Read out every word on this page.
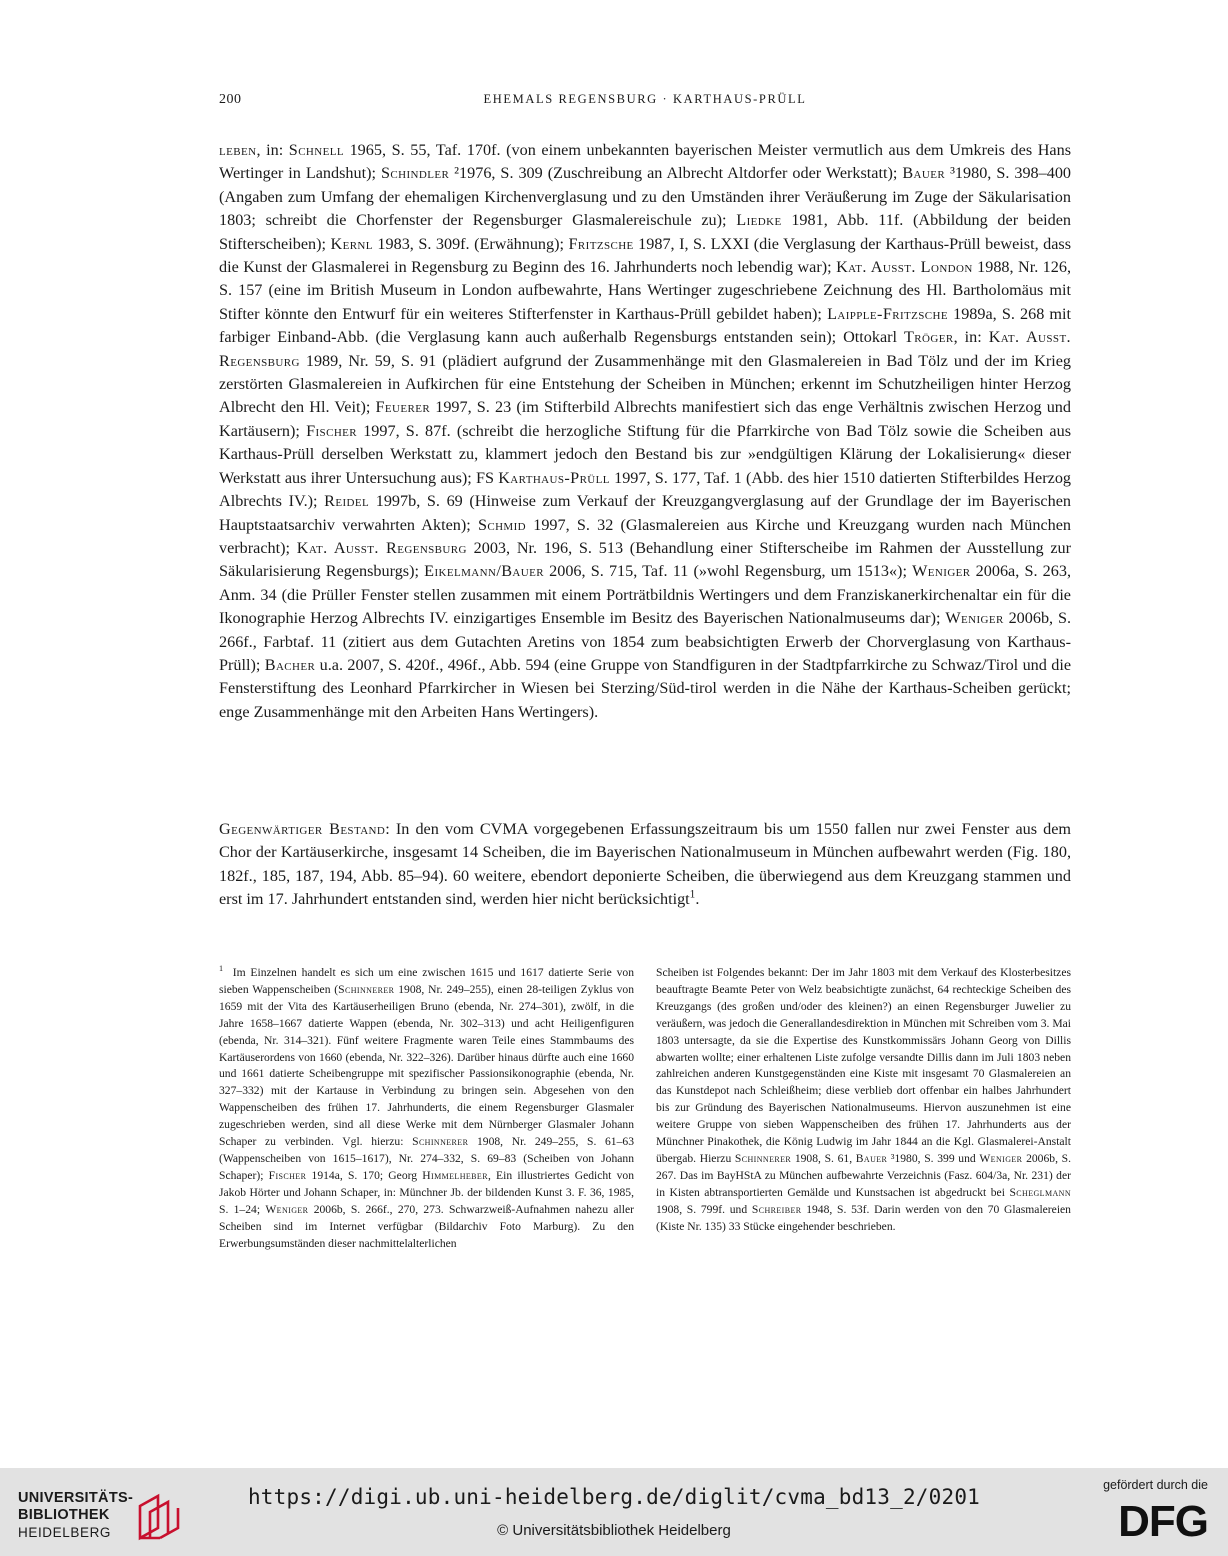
200	EHEMALS REGENSBURG · KARTHAUS-PRÜLL

leben, in: Schnell 1965, S. 55, Taf. 170f. (von einem unbekannten bayerischen Meister vermutlich aus dem Umkreis des Hans Wertinger in Landshut); Schindler ²1976, S. 309 (Zuschreibung an Albrecht Altdorfer oder Werkstatt); Bauer ³1980, S. 398–400 (Angaben zum Umfang der ehemaligen Kirchenverglasung und zu den Umständen ihrer Veräußerung im Zuge der Säkularisation 1803; schreibt die Chorfenster der Regensburger Glasmalereischule zu); Liedke 1981, Abb. 11f. (Abbildung der beiden Stifterscheiben); Kernl 1983, S. 309f. (Erwähnung); Fritzsche 1987, I, S. LXXI (die Verglasung der Karthaus-Prüll beweist, dass die Kunst der Glasmalerei in Regensburg zu Beginn des 16. Jahrhunderts noch lebendig war); Kat. Ausst. London 1988, Nr. 126, S. 157 (eine im British Museum in London aufbewahrte, Hans Wertinger zugeschriebene Zeichnung des Hl. Bartholomäus mit Stifter könnte den Entwurf für ein weiteres Stifterfenster in Karthaus-Prüll gebildet haben); Laipple-Fritzsche 1989a, S. 268 mit farbiger Einband-Abb. (die Verglasung kann auch außerhalb Regensburgs entstanden sein); Ottokarl Tröger, in: Kat. Ausst. Regensburg 1989, Nr. 59, S. 91 (plädiert aufgrund der Zusammenhänge mit den Glasmalereien in Bad Tölz und der im Krieg zerstörten Glasmalereien in Aufkirchen für eine Entstehung der Scheiben in München; erkennt im Schutzheiligen hinter Herzog Albrecht den Hl. Veit); Feuerer 1997, S. 23 (im Stifterbild Albrechts manifestiert sich das enge Verhältnis zwischen Herzog und Kartäusern); Fischer 1997, S. 87f. (schreibt die herzogliche Stiftung für die Pfarrkirche von Bad Tölz sowie die Scheiben aus Karthaus-Prüll derselben Werkstatt zu, klammert jedoch den Bestand bis zur »endgültigen Klärung der Lokalisierung« dieser Werkstatt aus ihrer Untersuchung aus); FS Karthaus-Prüll 1997, S. 177, Taf. 1 (Abb. des hier 1510 datierten Stifterbildes Herzog Albrechts IV.); Reidel 1997b, S. 69 (Hinweise zum Verkauf der Kreuzgangverglasung auf der Grundlage der im Bayerischen Hauptstaatsarchiv verwahrten Akten); Schmid 1997, S. 32 (Glasmalereien aus Kirche und Kreuzgang wurden nach München verbracht); Kat. Ausst. Regensburg 2003, Nr. 196, S. 513 (Behandlung einer Stifterscheibe im Rahmen der Ausstellung zur Säkularisierung Regensburgs); Eikelmann/Bauer 2006, S. 715, Taf. 11 (»wohl Regensburg, um 1513«); Weniger 2006a, S. 263, Anm. 34 (die Prüller Fenster stellen zusammen mit einem Porträtbildnis Wertingers und dem Franziskanerkirchenaltar ein für die Ikonographie Herzog Albrechts IV. einzigartiges Ensemble im Besitz des Bayerischen Nationalmuseums dar); Weniger 2006b, S. 266f., Farbtaf. 11 (zitiert aus dem Gutachten Aretins von 1854 zum beabsichtigten Erwerb der Chorverglasung von Karthaus-Prüll); Bacher u.a. 2007, S. 420f., 496f., Abb. 594 (eine Gruppe von Standfiguren in der Stadtpfarrkirche zu Schwaz/Tirol und die Fensterstiftung des Leonhard Pfarrkircher in Wiesen bei Sterzing/Süd-tirol werden in die Nähe der Karthaus-Scheiben gerückt; enge Zusammenhänge mit den Arbeiten Hans Wertingers).

Gegenwärtiger Bestand: In den vom CVMA vorgegebenen Erfassungszeitraum bis um 1550 fallen nur zwei Fenster aus dem Chor der Kartäuserkirche, insgesamt 14 Scheiben, die im Bayerischen Nationalmuseum in München aufbewahrt werden (Fig. 180, 182f., 185, 187, 194, Abb. 85–94). 60 weitere, ebendort deponierte Scheiben, die überwiegend aus dem Kreuzgang stammen und erst im 17. Jahrhundert entstanden sind, werden hier nicht berücksichtigt$^1$.

$^1$ Im Einzelnen handelt es sich um eine zwischen 1615 und 1617 datierte Serie von sieben Wappenscheiben (Schinnerer 1908, Nr. 249–255), einen 28-teiligen Zyklus von 1659 mit der Vita des Kartäuserheiligen Bruno (ebenda, Nr. 274–301), zwölf, in die Jahre 1658–1667 datierte Wappen (ebenda, Nr. 302–313) und acht Heiligenfiguren (ebenda, Nr. 314–321). Fünf weitere Fragmente waren Teile eines Stammbaums des Kartäuserordens von 1660 (ebenda, Nr. 322–326). Darüber hinaus dürfte auch eine 1660 und 1661 datierte Scheibengruppe mit spezifischer Passionsikonographie (ebenda, Nr. 327–332) mit der Kartause in Verbindung zu bringen sein. Abgesehen von den Wappenscheiben des frühen 17. Jahrhunderts, die einem Regensburger Glasmaler zugeschrieben werden, sind all diese Werke mit dem Nürnberger Glasmaler Johann Schaper zu verbinden. Vgl. hierzu: Schinnerer 1908, Nr. 249–255, S. 61–63 (Wappenscheiben von 1615–1617), Nr. 274–332, S. 69–83 (Scheiben von Johann Schaper); Fischer 1914a, S. 170; Georg Himmelheber, Ein illustriertes Gedicht von Jakob Hörter und Johann Schaper, in: Münchner Jb. der bildenden Kunst 3. F. 36, 1985, S. 1–24; Weniger 2006b, S. 266f., 270, 273. Schwarzweiß-Aufnahmen nahezu aller Scheiben sind im Internet verfügbar (Bildarchiv Foto Marburg). Zu den Erwerbungsumständen dieser nachmittelalterlichen

Scheiben ist Folgendes bekannt: Der im Jahr 1803 mit dem Verkauf des Klosterbesitzes beauftragte Beamte Peter von Welz beabsichtigte zunächst, 64 rechteckige Scheiben des Kreuzgangs (des großen und/oder des kleinen?) an einen Regensburger Juwelier zu veräußern, was jedoch die Generallandesdirektion in München mit Schreiben vom 3. Mai 1803 untersagte, da sie die Expertise des Kunstkommissärs Johann Georg von Dillis abwarten wollte; einer erhaltenen Liste zufolge versandte Dillis dann im Juli 1803 neben zahlreichen anderen Kunstgegenständen eine Kiste mit insgesamt 70 Glasmalereien an das Kunstdepot nach Schleißheim; diese verblieb dort offenbar ein halbes Jahrhundert bis zur Gründung des Bayerischen Nationalmuseums. Hiervon auszunehmen ist eine weitere Gruppe von sieben Wappenscheiben des frühen 17. Jahrhunderts aus der Münchner Pinakothek, die König Ludwig im Jahr 1844 an die Kgl. Glasmalerei-Anstalt übergab. Hierzu Schinnerer 1908, S. 61, Bauer ³1980, S. 399 und Weniger 2006b, S. 267. Das im BayHStA zu München aufbewahrte Verzeichnis (Fasz. 604/3a, Nr. 231) der in Kisten abtransportierten Gemälde und Kunstsachen ist abgedruckt bei Scheglmann 1908, S. 799f. und Schreiber 1948, S. 53f. Darin werden von den 70 Glasmalereien (Kiste Nr. 135) 33 Stücke eingehender beschrieben.

UNIVERSITÄTS-
BIBLIOTHEK
HEIDELBERG
https://digi.ub.uni-heidelberg.de/diglit/cvma_bd13_2/0201
© Universitätsbibliothek Heidelberg
gefördert durch die
DFG
